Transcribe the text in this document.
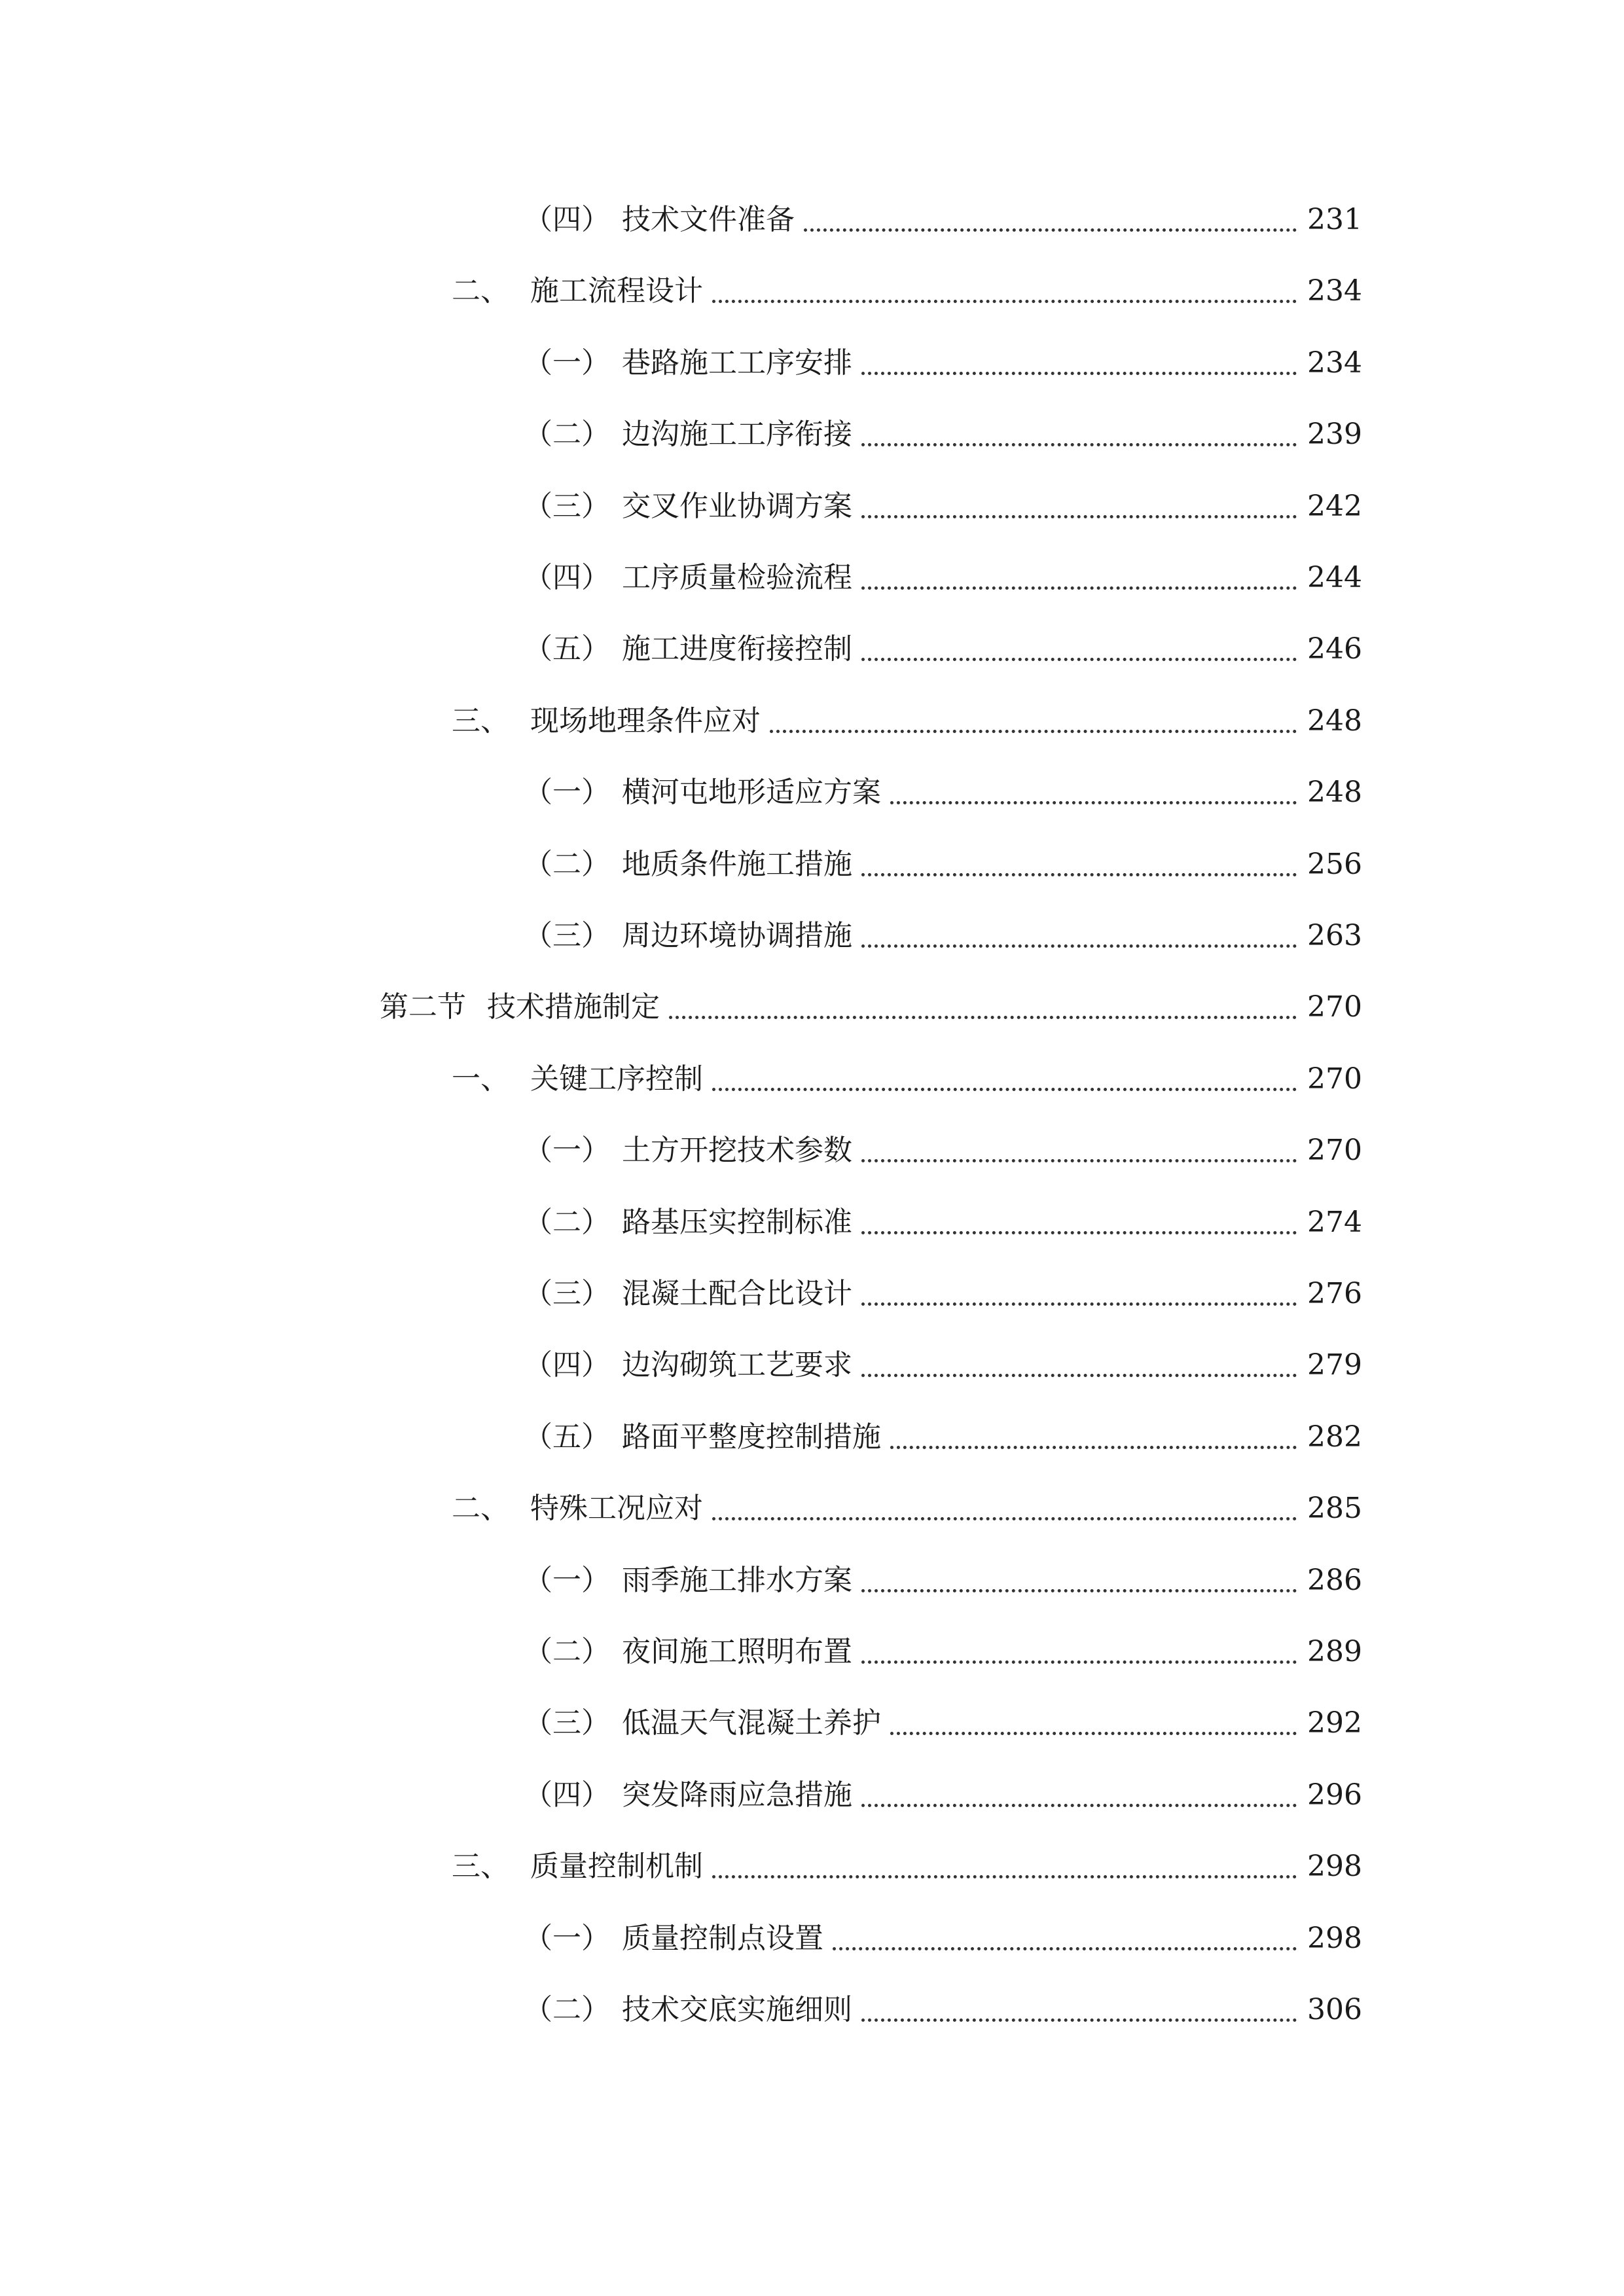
（四） 技术文件准备	231
二、 施工流程设计	234
（一） 巷路施工工序安排	234
（二） 边沟施工工序衔接	239
（三） 交叉作业协调方案	242
（四） 工序质量检验流程	244
（五） 施工进度衔接控制	246
三、 现场地理条件应对	248
（一） 横河屯地形适应方案	248
（二） 地质条件施工措施	256
（三） 周边环境协调措施	263
第二节 技术措施制定	270
一、 关键工序控制	270
（一） 土方开挖技术参数	270
（二） 路基压实控制标准	274
（三） 混凝土配合比设计	276
（四） 边沟砌筑工艺要求	279
（五） 路面平整度控制措施	282
二、 特殊工况应对	285
（一） 雨季施工排水方案	286
（二） 夜间施工照明布置	289
（三） 低温天气混凝土养护	292
（四） 突发降雨应急措施	296
三、 质量控制机制	298
（一） 质量控制点设置	298
（二） 技术交底实施细则	306
